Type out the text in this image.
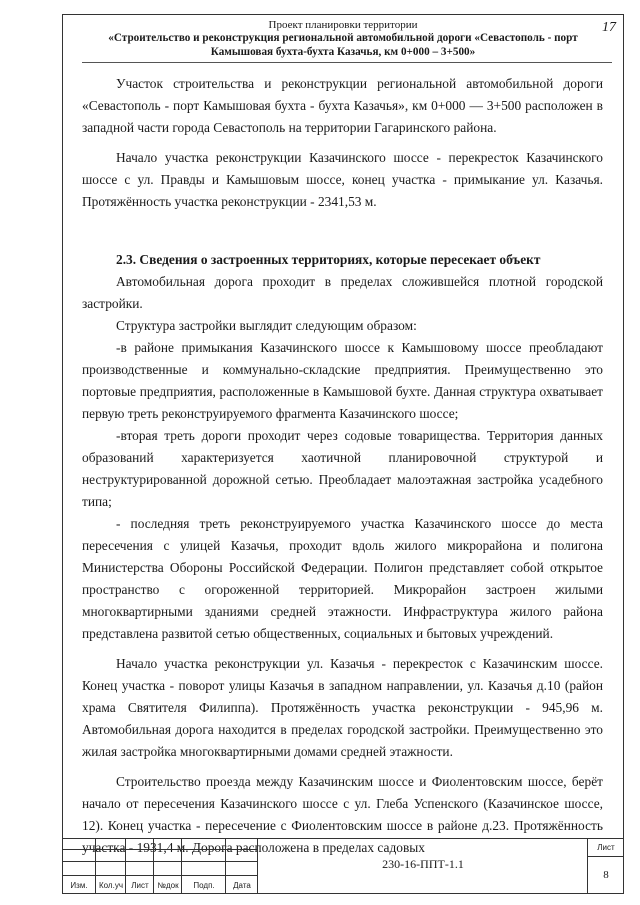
Проект планировки территории
«Строительство и реконструкция региональной автомобильной дороги «Севастополь - порт
Камышовая бухта-бухта Казачья, км 0+000 – 3+500»
17

Участок строительства и реконструкции региональной автомобильной дороги «Севастополь - порт Камышовая бухта - бухта Казачья», км 0+000 — 3+500 расположен в западной части города Севастополь на территории Гагаринского района.

Начало участка реконструкции Казачинского шоссе - перекресток Казачинского шоссе с ул. Правды и Камышовым шоссе, конец участка - примыкание ул. Казачья. Протяжённость участка реконструкции - 2341,53 м.

2.3. Сведения о застроенных территориях, которые пересекает объект

Автомобильная дорога проходит в пределах сложившейся плотной городской застройки.

Структура застройки выглядит следующим образом:

-в районе примыкания Казачинского шоссе к Камышовому шоссе преобладают производственные и коммунально-складские предприятия. Преимущественно это портовые предприятия, расположенные в Камышовой бухте. Данная структура охватывает первую треть реконструируемого фрагмента Казачинского шоссе;

-вторая треть дороги проходит через содовые товарищества. Территория данных образований характеризуется хаотичной планировочной структурой и неструктурированной дорожной сетью. Преобладает малоэтажная застройка усадебного типа;

- последняя треть реконструируемого участка Казачинского шоссе до места пересечения с улицей Казачья, проходит вдоль жилого микрорайона и полигона Министерства Обороны Российской Федерации. Полигон представляет собой открытое пространство с огороженной территорией. Микрорайон застроен жилыми многоквартирными зданиями средней этажности. Инфраструктура жилого района представлена развитой сетью общественных, социальных и бытовых учреждений.

Начало участка реконструкции ул. Казачья - перекресток с Казачинским шоссе. Конец участка - поворот улицы Казачья в западном направлении, ул. Казачья д.10 (район храма Святителя Филиппа). Протяжённость участка реконструкции - 945,96 м. Автомобильная дорога находится в пределах городской застройки. Преимущественно это жилая застройка многоквартирными домами средней этажности.

Строительство проезда между Казачинским шоссе и Фиолентовским шоссе, берёт начало от пересечения Казачинского шоссе с ул. Глеба Успенского (Казачинское шоссе, 12). Конец участка - пересечение с Фиолентовским шоссе в районе д.23. Протяжённость участка - 1931,4 м. Дорога расположена в пределах садовых

Изм.	Кол.уч	Лист	№док	Подп.	Дата
230-16-ППТ-1.1
Лист
8
